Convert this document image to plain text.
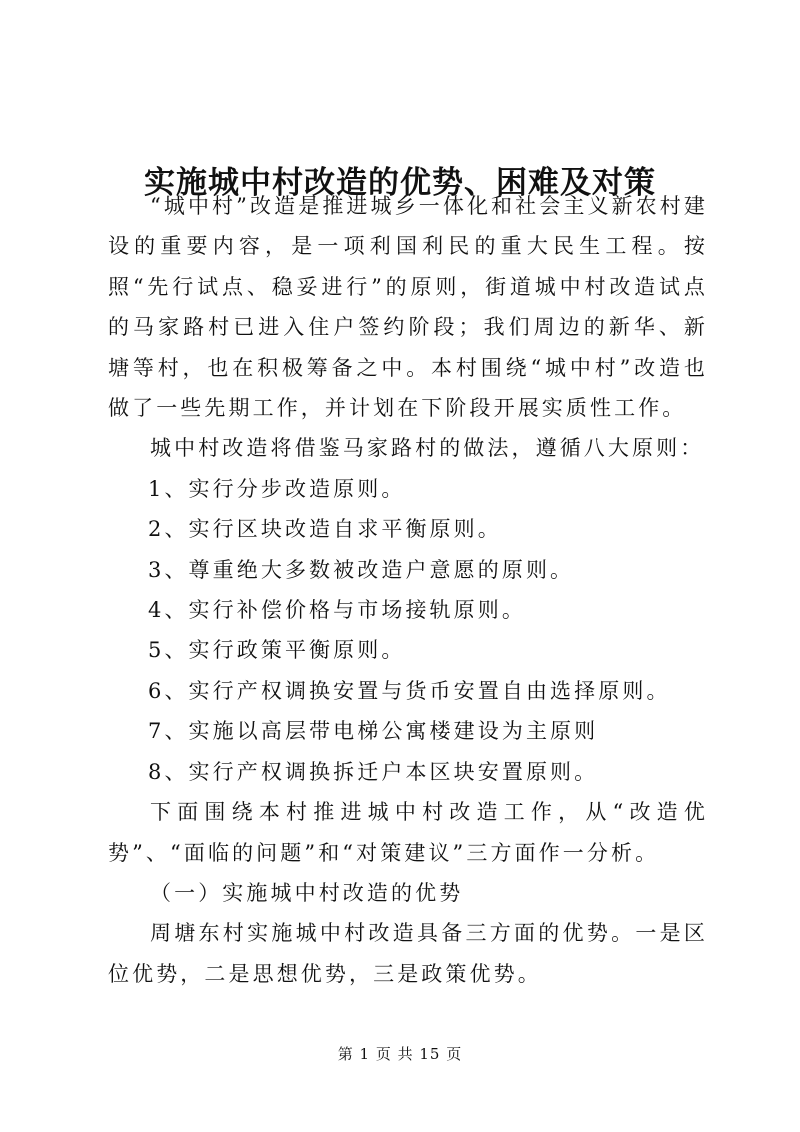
实施城中村改造的优势、困难及对策

“城中村”改造是推进城乡一体化和社会主义新农村建设的重要内容，是一项利国利民的重大民生工程。按照“先行试点、稳妥进行”的原则，街道城中村改造试点的马家路村已进入住户签约阶段；我们周边的新华、新塘等村，也在积极筹备之中。本村围绕“城中村”改造也做了一些先期工作，并计划在下阶段开展实质性工作。

城中村改造将借鉴马家路村的做法，遵循八大原则：

1、实行分步改造原则。

2、实行区块改造自求平衡原则。

3、尊重绝大多数被改造户意愿的原则。

4、实行补偿价格与市场接轨原则。

5、实行政策平衡原则。

6、实行产权调换安置与货币安置自由选择原则。

7、实施以高层带电梯公寓楼建设为主原则

8、实行产权调换拆迁户本区块安置原则。

下面围绕本村推进城中村改造工作，从“改造优势”、“面临的问题”和“对策建议”三方面作一分析。

（一）实施城中村改造的优势

周塘东村实施城中村改造具备三方面的优势。一是区位优势，二是思想优势，三是政策优势。

第 1 页 共 15 页
